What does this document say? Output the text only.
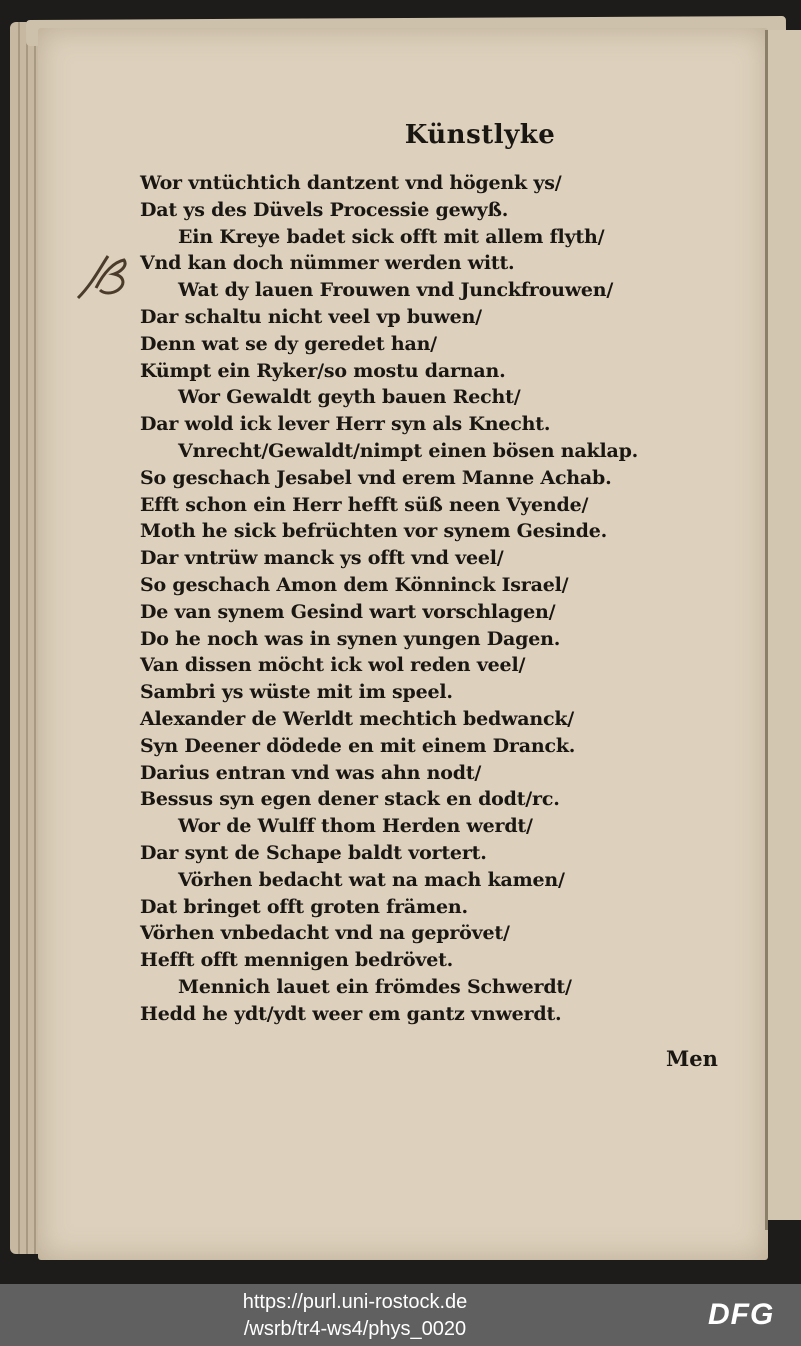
Künstlyke
Wor vntüchtich dantzent vnd högenk ys/
Dat ys des Düvels Processie gewyß.
Ein Kreye badet sick offt mit allem flyth/
Vnd kan doch nümmer werden witt.
Wat dy lauen Frouwen vnd Junckfrouwen/
Dar schaltu nicht veel vp buwen/
Denn wat se dy geredet han/
Kümpt ein Ryker/so mostu darnan.
Wor Gewaldt geyth bauen Recht/
Dar wold ick lever Herr syn als Knecht.
Vnrecht/Gewaldt/nimpt einen bösen naklap.
So geschach Jesabel vnd erem Manne Achab.
Efft schon ein Herr hefft süß neen Vyende/
Moth he sick befrüchten vor synem Gesinde.
Dar vntrüw manck ys offt vnd veel/
So geschach Amon dem Könninck Israel/
De van synem Gesind wart vorschlagen/
Do he noch was in synen yungen Dagen.
Van dissen möcht ick wol reden veel/
Sambri ys wüste mit im speel.
Alexander de Werldt mechtich bedwanck/
Syn Deener dödede en mit einem Dranck.
Darius entran vnd was ahn nodt/
Bessus syn egen dener stack en dodt/rc.
Wor de Wulff thom Herden werdt/
Dar synt de Schape baldt vortert.
Vörhen bedacht wat na mach kamen/
Dat bringet offt groten främen.
Vörhen vnbedacht vnd na geprövet/
Hefft offt mennigen bedrövet.
Mennich lauet ein frömdes Schwerdt/
Hedd he ydt/ydt weer em gantz vnwerdt.
Men
https://purl.uni-rostock.de
/wsrb/tr4-ws4/phys_0020	DFG
